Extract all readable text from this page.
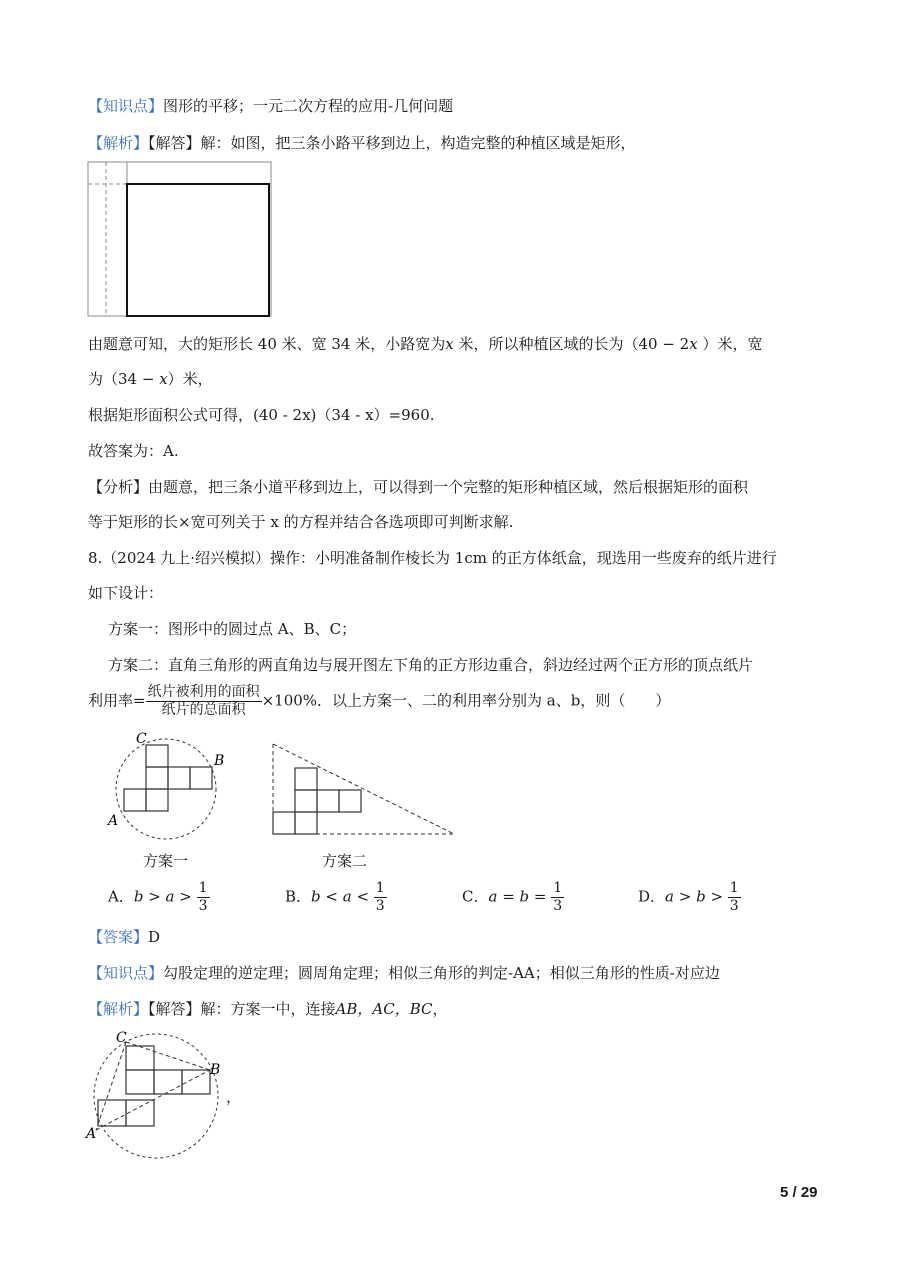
【知识点】图形的平移；一元二次方程的应用-几何问题
【解析】【解答】解：如图，把三条小路平移到边上，构造完整的种植区域是矩形，
由题意可知，大的矩形长 40 米、宽 34 米，小路宽为x 米，所以种植区域的长为（40 − 2x ）米，宽
为（34 − x）米，
根据矩形面积公式可得，(40 - 2x)（34 - x）=960.
故答案为：A.
【分析】由题意，把三条小道平移到边上，可以得到一个完整的矩形种植区域，然后根据矩形的面积
等于矩形的长×宽可列关于 x 的方程并结合各选项即可判断求解.
8.（2024 九上·绍兴模拟）操作：小明准备制作棱长为 1cm 的正方体纸盒，现选用一些废弃的纸片进行
如下设计：
方案一：图形中的圆过点 A、B、C；
方案二：直角三角形的两直角边与展开图左下角的正方形边重合，斜边经过两个正方形的顶点纸片
利用率= $\frac{\text{纸片被利用的面积}}{\text{纸片的总面积}} \times 100\%$．以上方案一、二的利用率分别为 a、b，则（　　）
C
B
A
方案一	方案二
A．$b > a > \frac{1}{3}$	B．$b < a < \frac{1}{3}$	C．$a = b = \frac{1}{3}$	D．$a > b > \frac{1}{3}$
【答案】D
【知识点】勾股定理的逆定理；圆周角定理；相似三角形的判定-AA；相似三角形的性质-对应边
【解析】【解答】解：方案一中，连接AB，AC，BC，
C
B
A
，
5 / 29
